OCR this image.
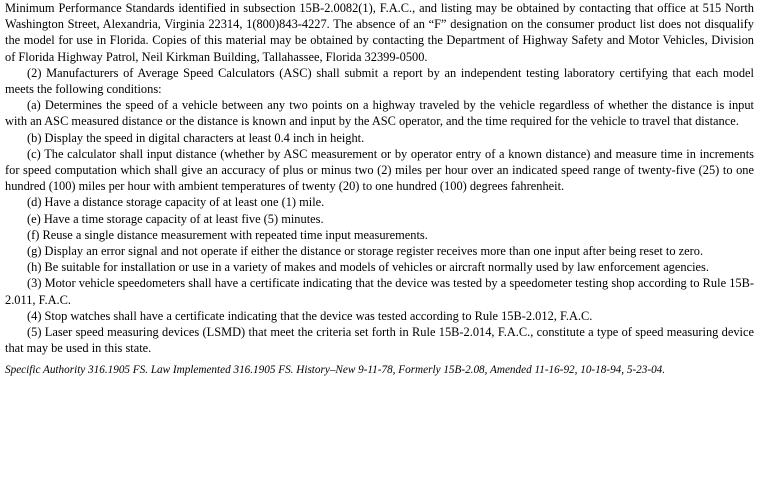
Minimum Performance Standards identified in subsection 15B-2.0082(1), F.A.C., and listing may be obtained by contacting that office at 515 North Washington Street, Alexandria, Virginia 22314, 1(800)843-4227. The absence of an “F” designation on the consumer product list does not disqualify the model for use in Florida. Copies of this material may be obtained by contacting the Department of Highway Safety and Motor Vehicles, Division of Florida Highway Patrol, Neil Kirkman Building, Tallahassee, Florida 32399-0500.

(2) Manufacturers of Average Speed Calculators (ASC) shall submit a report by an independent testing laboratory certifying that each model meets the following conditions:

(a) Determines the speed of a vehicle between any two points on a highway traveled by the vehicle regardless of whether the distance is input with an ASC measured distance or the distance is known and input by the ASC operator, and the time required for the vehicle to travel that distance.

(b) Display the speed in digital characters at least 0.4 inch in height.

(c) The calculator shall input distance (whether by ASC measurement or by operator entry of a known distance) and measure time in increments for speed computation which shall give an accuracy of plus or minus two (2) miles per hour over an indicated speed range of twenty-five (25) to one hundred (100) miles per hour with ambient temperatures of twenty (20) to one hundred (100) degrees fahrenheit.

(d) Have a distance storage capacity of at least one (1) mile.

(e) Have a time storage capacity of at least five (5) minutes.

(f) Reuse a single distance measurement with repeated time input measurements.

(g) Display an error signal and not operate if either the distance or storage register receives more than one input after being reset to zero.

(h) Be suitable for installation or use in a variety of makes and models of vehicles or aircraft normally used by law enforcement agencies.

(3) Motor vehicle speedometers shall have a certificate indicating that the device was tested by a speedometer testing shop according to Rule 15B-2.011, F.A.C.

(4) Stop watches shall have a certificate indicating that the device was tested according to Rule 15B-2.012, F.A.C.

(5) Laser speed measuring devices (LSMD) that meet the criteria set forth in Rule 15B-2.014, F.A.C., constitute a type of speed measuring device that may be used in this state.

Specific Authority 316.1905 FS. Law Implemented 316.1905 FS. History–New 9-11-78, Formerly 15B-2.08, Amended 11-16-92, 10-18-94, 5-23-04.
